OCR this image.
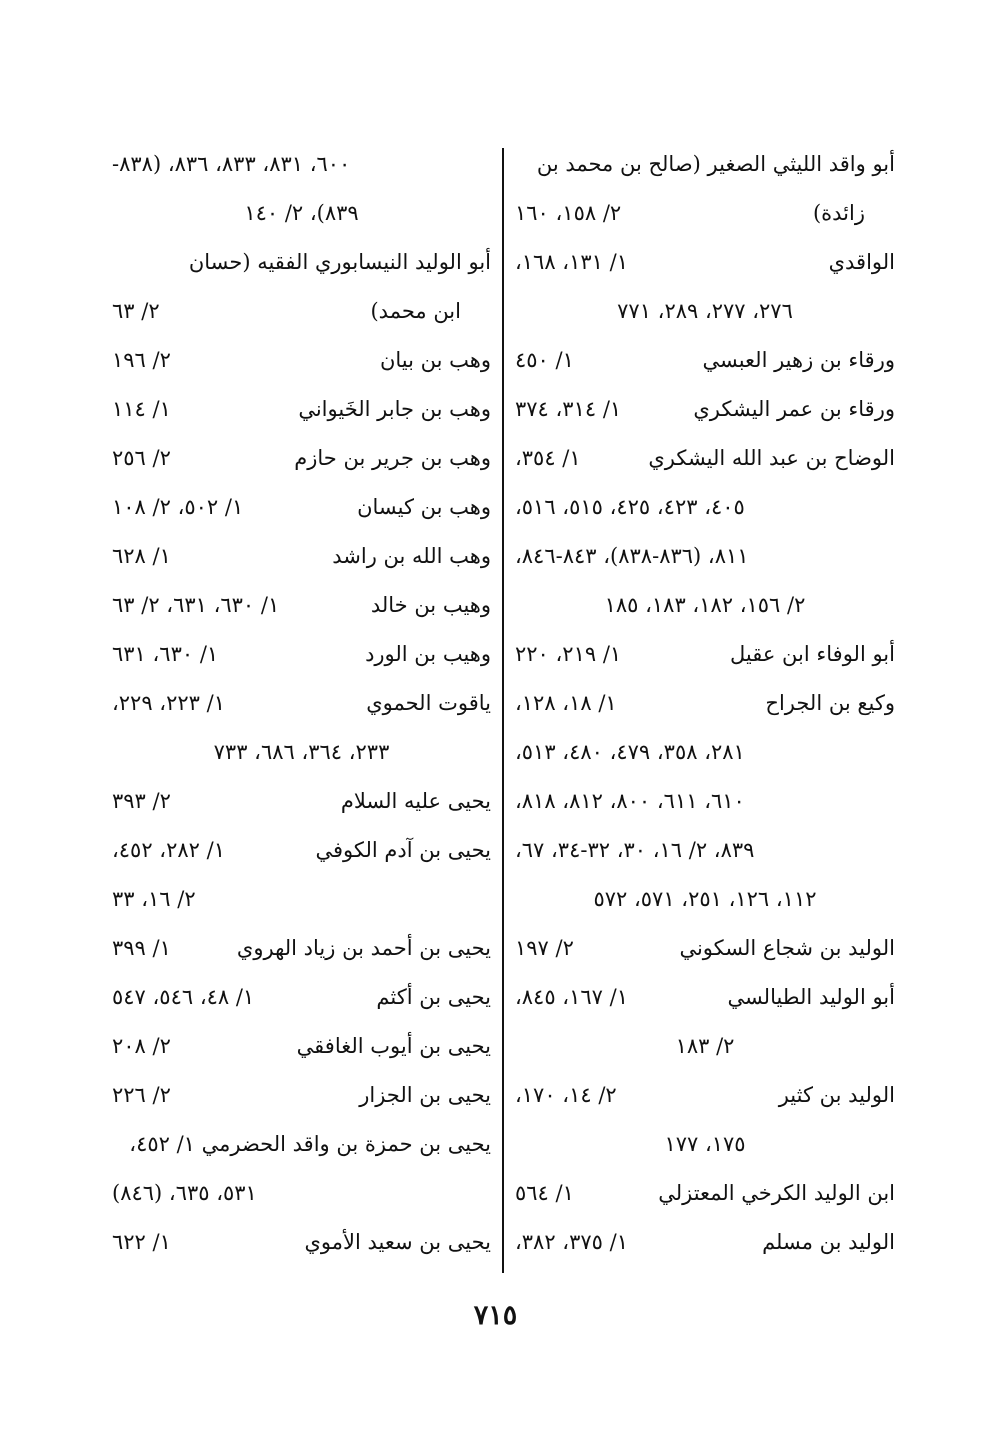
أبو واقد الليثي الصغير (صالح بن محمد بن
زائدة)
٢/ ١٥٨، ١٦٠
الواقدي
١/ ١٣١، ١٦٨،
٢٧٦، ٢٧٧، ٢٨٩، ٧٧١
ورقاء بن زهير العبسي
١/ ٤٥٠
ورقاء بن عمر اليشكري
١/ ٣١٤، ٣٧٤
الوضاح بن عبد الله اليشكري
١/ ٣٥٤،
٤٠٥، ٤٢٣، ٤٢٥، ٥١٥، ٥١٦،
٨١١، (٨٣٦-٨٣٨)، ٨٤٣-٨٤٦،
٢/ ١٥٦، ١٨٢، ١٨٣، ١٨٥
أبو الوفاء ابن عقيل
١/ ٢١٩، ٢٢٠
وكيع بن الجراح
١/ ١٨، ١٢٨،
٢٨١، ٣٥٨، ٤٧٩، ٤٨٠، ٥١٣،
٦١٠، ٦١١، ٨٠٠، ٨١٢، ٨١٨،
٨٣٩، ٢/ ١٦، ٣٠، ٣٢-٣٤، ٦٧،
١١٢، ١٢٦، ٢٥١، ٥٧١، ٥٧٢
الوليد بن شجاع السكوني
٢/ ١٩٧
أبو الوليد الطيالسي
١/ ١٦٧، ٨٤٥،
٢/ ١٨٣
الوليد بن كثير
٢/ ١٤، ١٧٠،
١٧٥، ١٧٧
ابن الوليد الكرخي المعتزلي
١/ ٥٦٤
الوليد بن مسلم
١/ ٣٧٥، ٣٨٢،
٦٠٠، ٨٣١، ٨٣٣، ٨٣٦، (٨٣٨-
٨٣٩)، ٢/ ١٤٠
أبو الوليد النيسابوري الفقيه (حسان
ابن محمد)
٢/ ٦٣
وهب بن بيان
٢/ ١٩٦
وهب بن جابر الخَيواني
١/ ١١٤
وهب بن جرير بن حازم
٢/ ٢٥٦
وهب بن كيسان
١/ ٥٠٢، ٢/ ١٠٨
وهب الله بن راشد
١/ ٦٢٨
وهيب بن خالد
١/ ٦٣٠، ٦٣١، ٢/ ٦٣
وهيب بن الورد
١/ ٦٣٠، ٦٣١
ياقوت الحموي
١/ ٢٢٣، ٢٢٩،
٢٣٣، ٣٦٤، ٦٨٦، ٧٣٣
يحيى عليه السلام
٢/ ٣٩٣
يحيى بن آدم الكوفي
١/ ٢٨٢، ٤٥٢،
٢/ ١٦، ٣٣
يحيى بن أحمد بن زياد الهروي
١/ ٣٩٩
يحيى بن أكثم
١/ ٤٨، ٥٤٦، ٥٤٧
يحيى بن أيوب الغافقي
٢/ ٢٠٨
يحيى بن الجزار
٢/ ٢٢٦
يحيى بن حمزة بن واقد الحضرمي ١/ ٤٥٢،
٥٣١، ٦٣٥، (٨٤٦)
يحيى بن سعيد الأموي
١/ ٦٢٢
٧١٥
